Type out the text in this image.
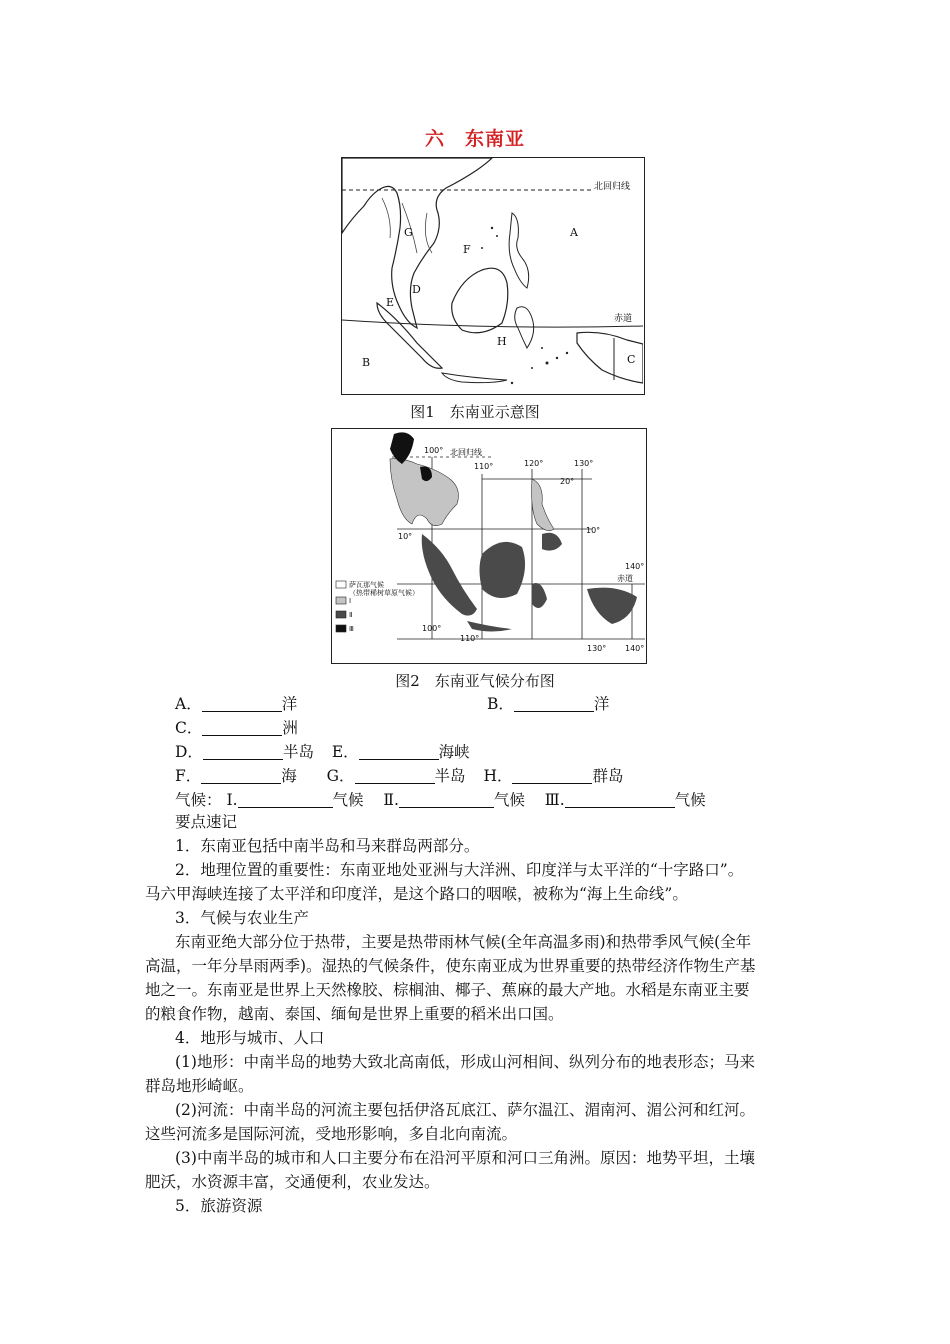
六　东南亚
北回归线
赤道
A
B	C
D
E
F
G
H
图1　东南亚示意图
北回归线
赤道
100°
110°	120°	130°
20°
10°
10°
140°
100°
110°
130° 140°
萨瓦那气候
（热带稀树草原气候）
Ⅰ
Ⅱ
Ⅲ
图2　东南亚气候分布图
A．	洋	B．	洋
C．	洲
D．	半岛 E．	海峡
F．	海 G．	半岛 H．	群岛
气候： Ⅰ.	气候 Ⅱ.	气候 Ⅲ.	气候

要点速记

1．东南亚包括中南半岛和马来群岛两部分。

2．地理位置的重要性：东南亚地处亚洲与大洋洲、印度洋与太平洋的“十字路口”。

马六甲海峡连接了太平洋和印度洋，是这个路口的咽喉，被称为“海上生命线”。

3．气候与农业生产

东南亚绝大部分位于热带，主要是热带雨林气候(全年高温多雨)和热带季风气候(全年

高温，一年分旱雨两季)。湿热的气候条件，使东南亚成为世界重要的热带经济作物生产基

地之一。东南亚是世界上天然橡胶、棕榈油、椰子、蕉麻的最大产地。水稻是东南亚主要

的粮食作物，越南、泰国、缅甸是世界上重要的稻米出口国。

4．地形与城市、人口

(1)地形：中南半岛的地势大致北高南低，形成山河相间、纵列分布的地表形态；马来

群岛地形崎岖。

(2)河流：中南半岛的河流主要包括伊洛瓦底江、萨尔温江、湄南河、湄公河和红河。

这些河流多是国际河流，受地形影响，多自北向南流。

(3)中南半岛的城市和人口主要分布在沿河平原和河口三角洲。原因：地势平坦，土壤

肥沃，水资源丰富，交通便利，农业发达。

5．旅游资源
